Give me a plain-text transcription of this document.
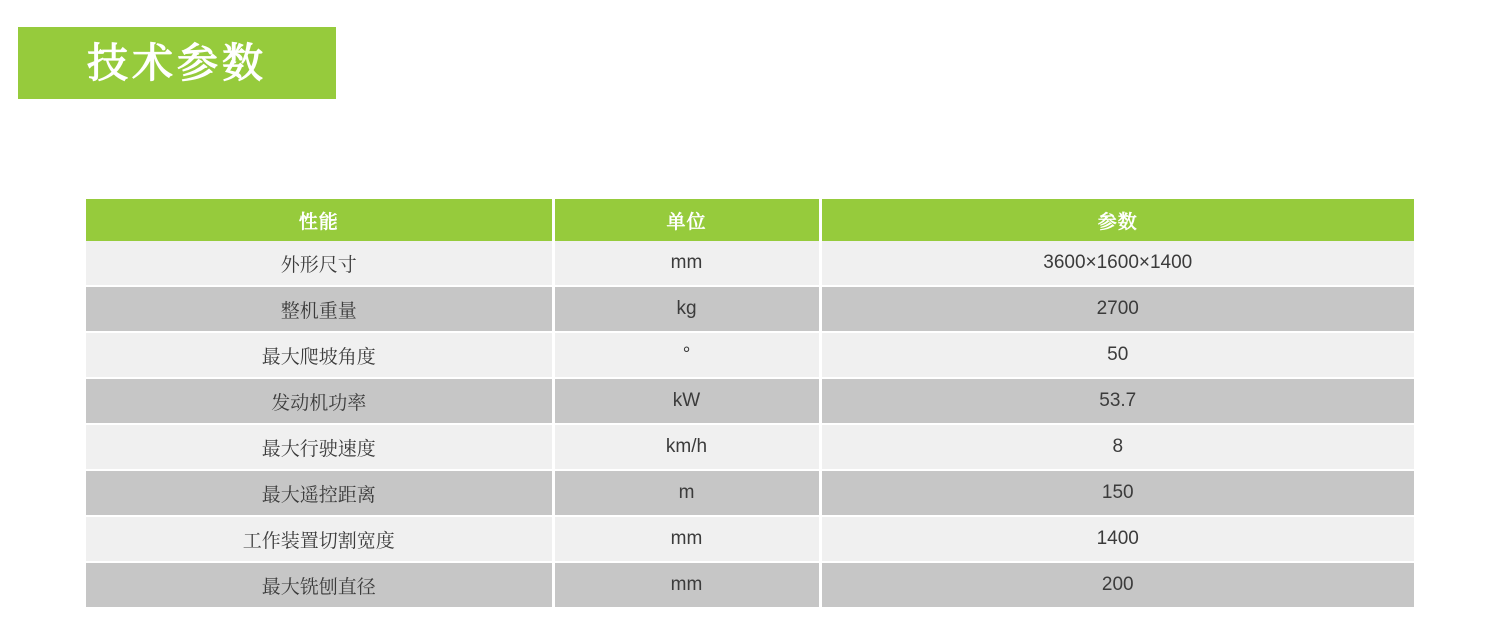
技术参数
性能	单位	参数
外形尺寸	mm	3600×1600×1400
整机重量	kg	2700
最大爬坡角度	°	50
发动机功率	kW	53.7
最大行驶速度	km/h	8
最大遥控距离	m	150
工作装置切割宽度	mm	1400
最大铣刨直径	mm	200
